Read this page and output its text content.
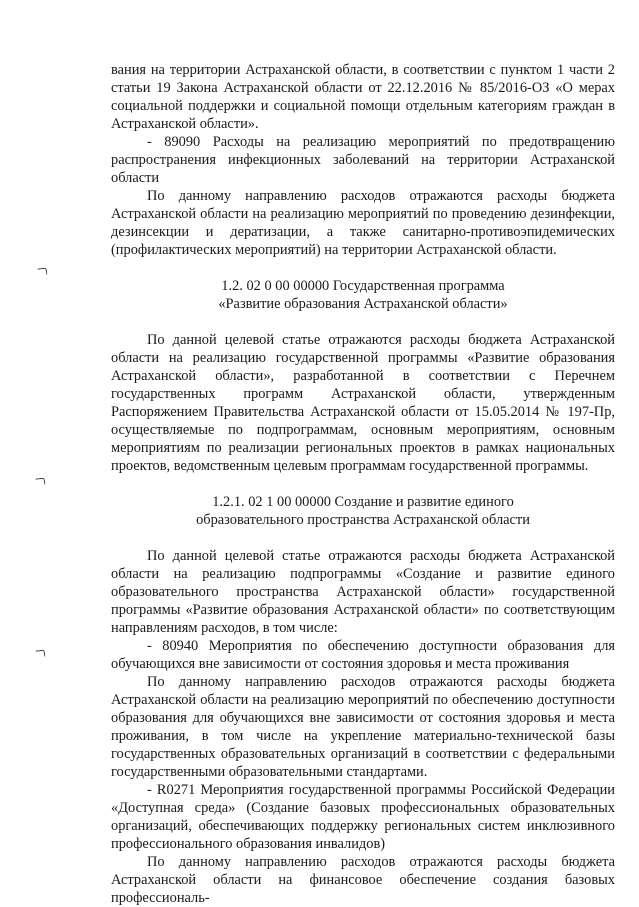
вания на территории Астраханской области, в соответствии с пунктом 1 части 2 статьи 19 Закона Астраханской области от 22.12.2016 № 85/2016-ОЗ «О мерах социальной поддержки и социальной помощи отдельным категориям граждан в Астраханской области».

- 89090 Расходы на реализацию мероприятий по предотвращению распространения инфекционных заболеваний на территории Астраханской области

По данному направлению расходов отражаются расходы бюджета Астраханской области на реализацию мероприятий по проведению дезинфекции, дезинсекции и дератизации, а также санитарно-противоэпидемических (профилактических мероприятий) на территории Астраханской области.

1.2. 02 0 00 00000 Государственная программа

«Развитие образования Астраханской области»

По данной целевой статье отражаются расходы бюджета Астраханской области на реализацию государственной программы «Развитие образования Астраханской области», разработанной в соответствии с Перечнем государственных программ Астраханской области, утвержденным Распоряжением Правительства Астраханской области от 15.05.2014 № 197-Пр, осуществляемые по подпрограммам, основным мероприятиям, основным мероприятиям по реализации региональных проектов в рамках национальных проектов, ведомственным целевым программам государственной программы.

1.2.1. 02 1 00 00000 Создание и развитие единого

образовательного пространства Астраханской области

По данной целевой статье отражаются расходы бюджета Астраханской области на реализацию подпрограммы «Создание и развитие единого образовательного пространства Астраханской области» государственной программы «Развитие образования Астраханской области» по соответствующим направлениям расходов, в том числе:

- 80940 Мероприятия по обеспечению доступности образования для обучающихся вне зависимости от состояния здоровья и места проживания

По данному направлению расходов отражаются расходы бюджета Астраханской области на реализацию мероприятий по обеспечению доступности образования для обучающихся вне зависимости от состояния здоровья и места проживания, в том числе на укрепление материально-технической базы государственных образовательных организаций в соответствии с федеральными государственными образовательными стандартами.

- R0271 Мероприятия государственной программы Российской Федерации «Доступная среда» (Создание базовых профессиональных образовательных организаций, обеспечивающих поддержку региональных систем инклюзивного профессионального образования инвалидов)

По данному направлению расходов отражаются расходы бюджета Астраханской области на финансовое обеспечение создания базовых профессиональ-
